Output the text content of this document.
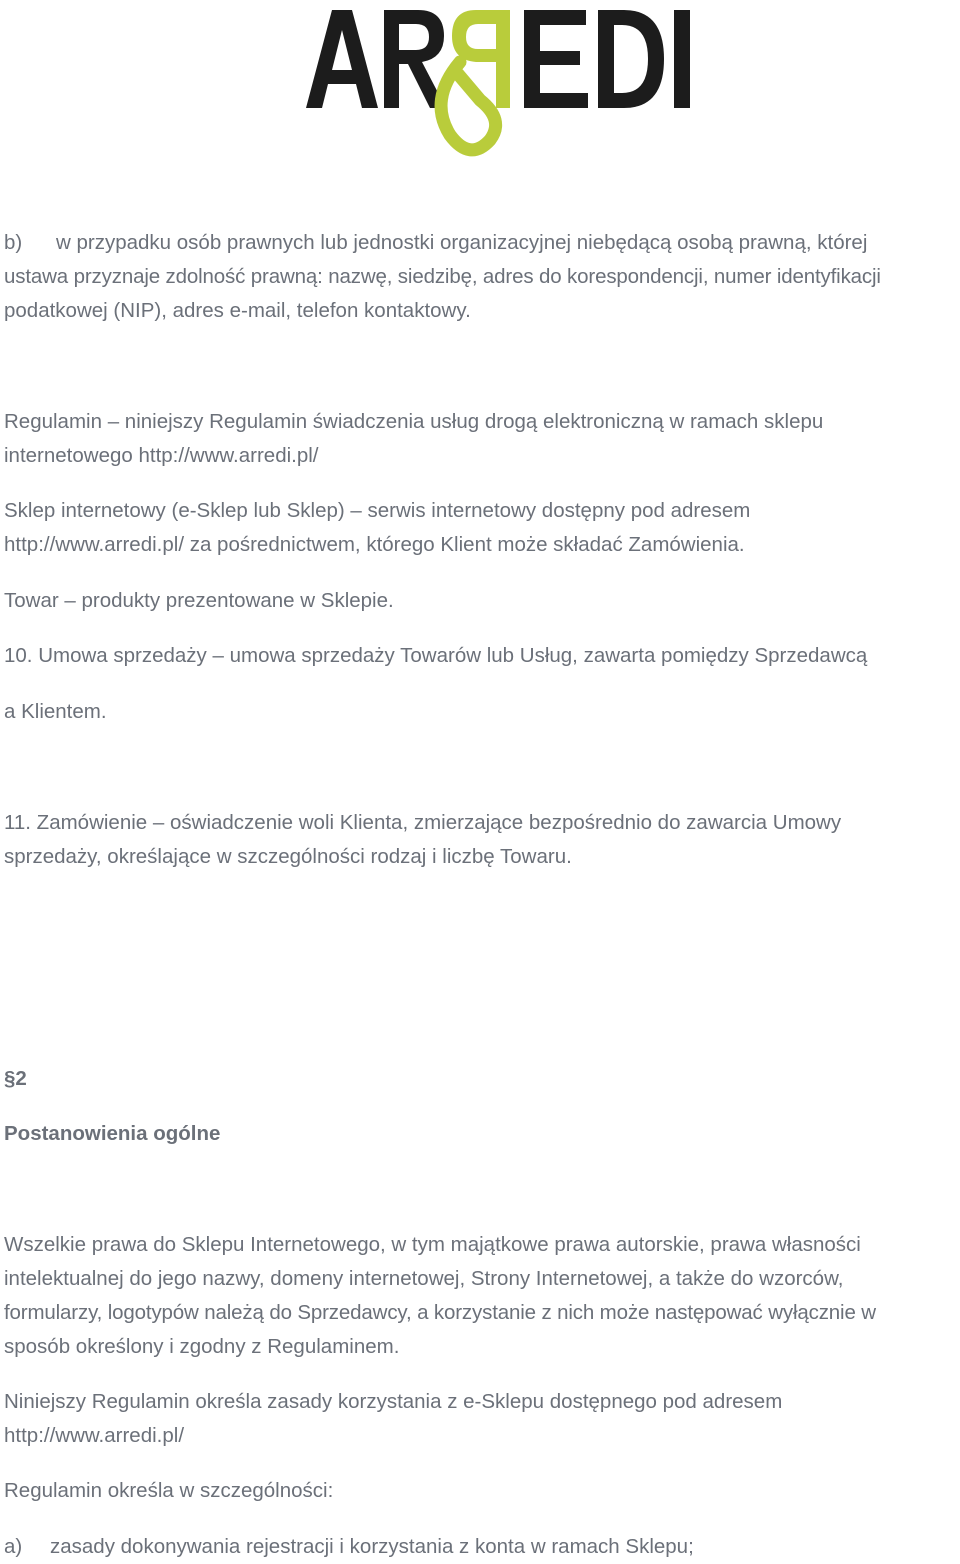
b) w przypadku osób prawnych lub jednostki organizacyjnej niebędącą osobą prawną, której
ustawa przyznaje zdolność prawną: nazwę, siedzibę, adres do korespondencji, numer identyfikacji
podatkowej (NIP), adres e-mail, telefon kontaktowy.
Regulamin – niniejszy Regulamin świadczenia usług drogą elektroniczną w ramach sklepu
internetowego http://www.arredi.pl/
Sklep internetowy (e-Sklep lub Sklep) – serwis internetowy dostępny pod adresem
http://www.arredi.pl/ za pośrednictwem, którego Klient może składać Zamówienia.
Towar – produkty prezentowane w Sklepie.
10. Umowa sprzedaży – umowa sprzedaży Towarów lub Usług, zawarta pomiędzy Sprzedawcą
a Klientem.
11. Zamówienie – oświadczenie woli Klienta, zmierzające bezpośrednio do zawarcia Umowy
sprzedaży, określające w szczególności rodzaj i liczbę Towaru.
§2
Postanowienia ogólne
Wszelkie prawa do Sklepu Internetowego, w tym majątkowe prawa autorskie, prawa własności
intelektualnej do jego nazwy, domeny internetowej, Strony Internetowej, a także do wzorców,
formularzy, logotypów należą do Sprzedawcy, a korzystanie z nich może następować wyłącznie w
sposób określony i zgodny z Regulaminem.
Niniejszy Regulamin określa zasady korzystania z e-Sklepu dostępnego pod adresem
http://www.arredi.pl/
Regulamin określa w szczególności:
a) zasady dokonywania rejestracji i korzystania z konta w ramach Sklepu;
